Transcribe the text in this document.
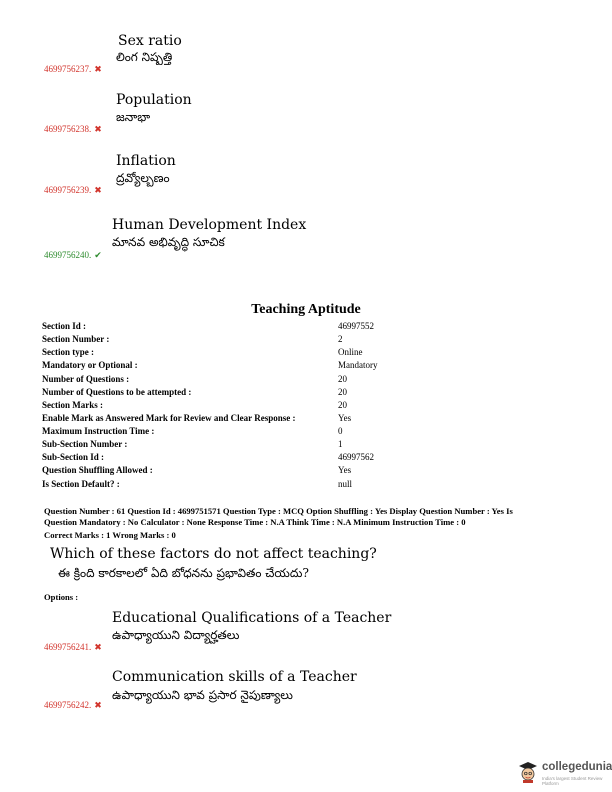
Sex ratio
లింగ నిష్పత్తి
4699756237. ✖
Population
జనాభా
4699756238. ✖
Inflation
ద్రవ్యోల్బణం
4699756239. ✖
Human Development Index
మానవ అభివృద్ధి సూచిక
4699756240. ✔
Teaching Aptitude
Section Id :	46997552
Section Number :	2
Section type :	Online
Mandatory or Optional :	Mandatory
Number of Questions :	20
Number of Questions to be attempted :	20
Section Marks :	20
Enable Mark as Answered Mark for Review and Clear Response :	Yes
Maximum Instruction Time :	0
Sub-Section Number :	1
Sub-Section Id :	46997562
Question Shuffling Allowed :	Yes
Is Section Default? :	null
Question Number : 61 Question Id : 4699751571 Question Type : MCQ Option Shuffling : Yes Display Question Number : Yes Is
Question Mandatory : No Calculator : None Response Time : N.A Think Time : N.A Minimum Instruction Time : 0
Correct Marks : 1 Wrong Marks : 0
Which of these factors do not affect teaching?
ఈ క్రింది కారకాలలో ఏది బోధనను ప్రభావితం చేయదు?
Options :
Educational Qualifications of a Teacher
ఉపాధ్యాయుని విద్యార్హతలు
4699756241. ✖
Communication skills of a Teacher
ఉపాధ్యాయుని భావ ప్రసార నైపుణ్యాలు
4699756242. ✖
collegedunia
India's largest Student Review Platform
